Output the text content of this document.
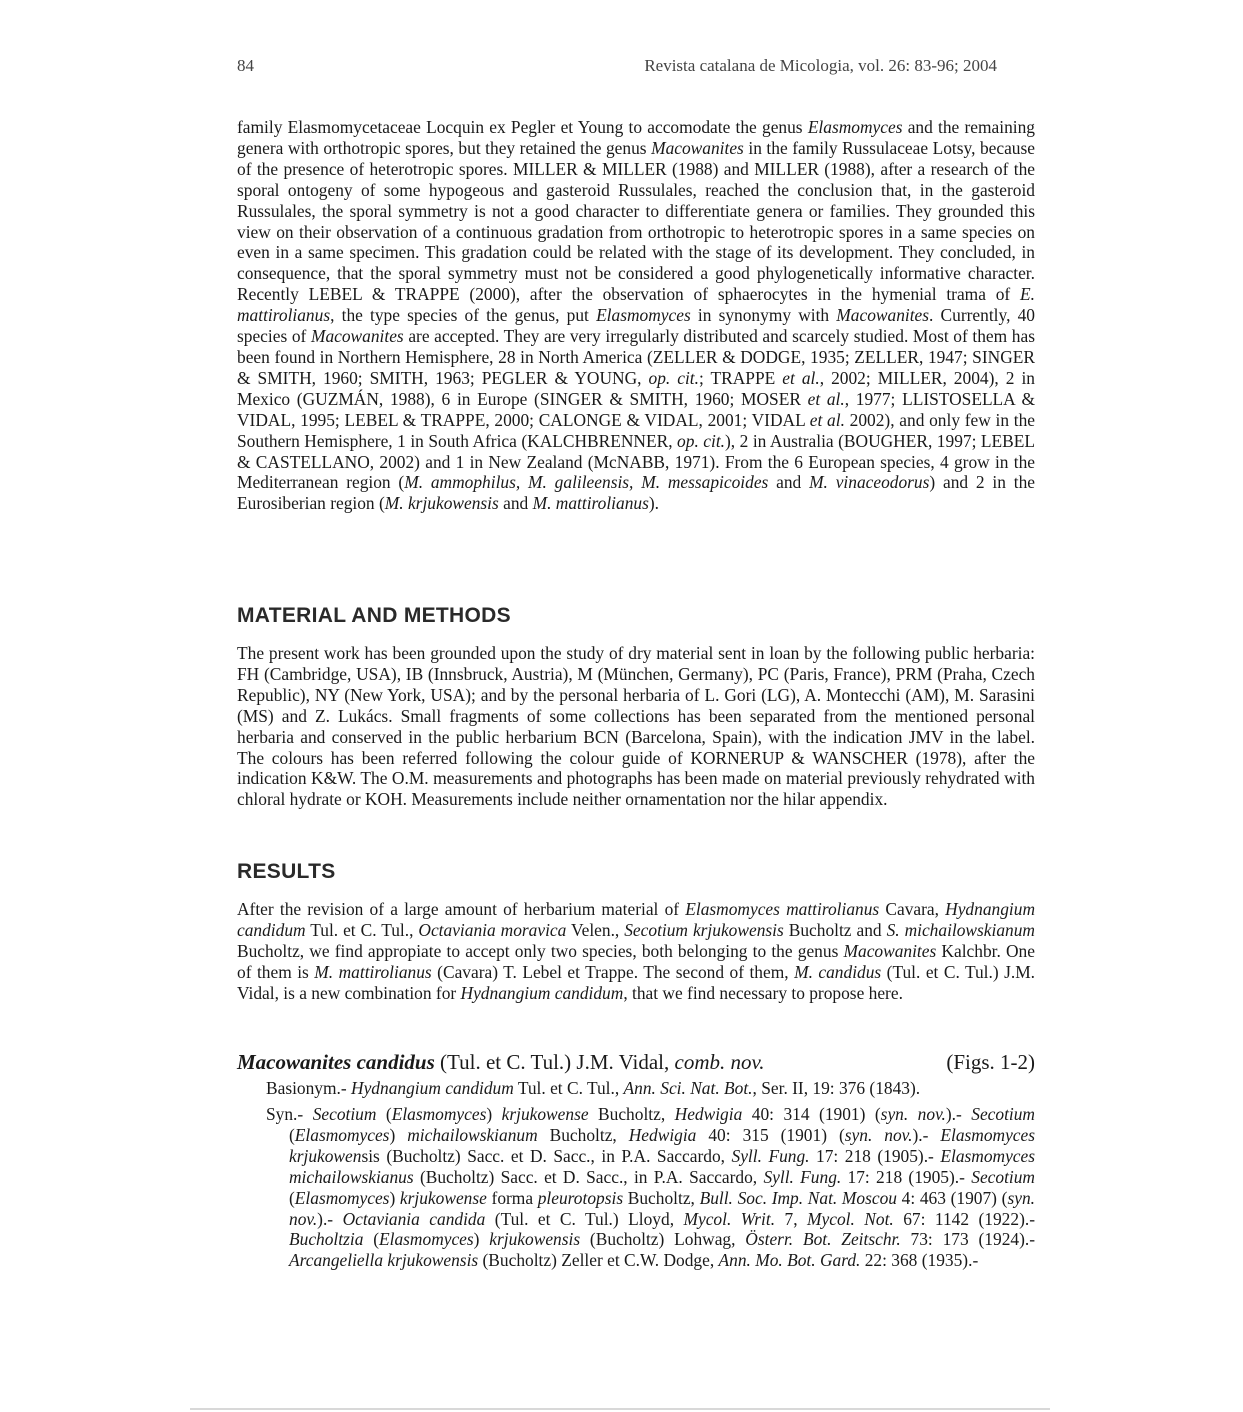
84	Revista catalana de Micologia, vol. 26: 83-96; 2004

family Elasmomycetaceae Locquin ex Pegler et Young to accomodate the genus Elasmomyces and the remaining genera with orthotropic spores, but they retained the genus Macowanites in the family Russulaceae Lotsy, because of the presence of heterotropic spores. MILLER & MILLER (1988) and MILLER (1988), after a research of the sporal ontogeny of some hypogeous and gasteroid Russulales, reached the conclusion that, in the gasteroid Russulales, the sporal symmetry is not a good character to differentiate genera or families. They grounded this view on their observation of a continuous gradation from orthotropic to heterotropic spores in a same species on even in a same specimen. This gradation could be related with the stage of its development. They concluded, in consequence, that the sporal symmetry must not be considered a good phylogenetically informative character. Recently LEBEL & TRAPPE (2000), after the observation of sphaerocytes in the hymenial trama of E. mattirolianus, the type species of the genus, put Elasmomyces in synonymy with Macowanites. Currently, 40 species of Macowanites are accepted. They are very irregularly distributed and scarcely studied. Most of them has been found in Northern Hemisphere, 28 in North America (ZELLER & DODGE, 1935; ZELLER, 1947; SINGER & SMITH, 1960; SMITH, 1963; PEGLER & YOUNG, op. cit.; TRAPPE et al., 2002; MILLER, 2004), 2 in Mexico (GUZMÁN, 1988), 6 in Europe (SINGER & SMITH, 1960; MOSER et al., 1977; LLISTOSELLA & VIDAL, 1995; LEBEL & TRAPPE, 2000; CALONGE & VIDAL, 2001; VIDAL et al. 2002), and only few in the Southern Hemisphere, 1 in South Africa (KALCHBRENNER, op. cit.), 2 in Australia (BOUGHER, 1997; LEBEL & CASTELLANO, 2002) and 1 in New Zealand (McNABB, 1971). From the 6 European species, 4 grow in the Mediterranean region (M. ammophilus, M. galileensis, M. messapicoides and M. vinaceodorus) and 2 in the Eurosiberian region (M. krjukowensis and M. mattirolianus).

MATERIAL AND METHODS

The present work has been grounded upon the study of dry material sent in loan by the following public herbaria: FH (Cambridge, USA), IB (Innsbruck, Austria), M (München, Germany), PC (Paris, France), PRM (Praha, Czech Republic), NY (New York, USA); and by the personal herbaria of L. Gori (LG), A. Montecchi (AM), M. Sarasini (MS) and Z. Lukács. Small fragments of some collections has been separated from the mentioned personal herbaria and conserved in the public herbarium BCN (Barcelona, Spain), with the indication JMV in the label. The colours has been referred following the colour guide of KORNERUP & WANSCHER (1978), after the indication K&W. The O.M. measurements and photographs has been made on material previously rehydrated with chloral hydrate or KOH. Measurements include neither ornamentation nor the hilar appendix.

RESULTS

After the revision of a large amount of herbarium material of Elasmomyces mattirolianus Cavara, Hydnangium candidum Tul. et C. Tul., Octaviania moravica Velen., Secotium krjukowensis Bucholtz and S. michailowskianum Bucholtz, we find appropiate to accept only two species, both belonging to the genus Macowanites Kalchbr. One of them is M. mattirolianus (Cavara) T. Lebel et Trappe. The second of them, M. candidus (Tul. et C. Tul.) J.M. Vidal, is a new combination for Hydnangium candidum, that we find necessary to propose here.

Macowanites candidus (Tul. et C. Tul.) J.M. Vidal, comb. nov.	(Figs. 1-2)

Basionym.- Hydnangium candidum Tul. et C. Tul., Ann. Sci. Nat. Bot., Ser. II, 19: 376 (1843).

Syn.- Secotium (Elasmomyces) krjukowense Bucholtz, Hedwigia 40: 314 (1901) (syn. nov.).- Secotium (Elasmomyces) michailowskianum Bucholtz, Hedwigia 40: 315 (1901) (syn. nov.).- Elasmomyces krjukowensis (Bucholtz) Sacc. et D. Sacc., in P.A. Saccardo, Syll. Fung. 17: 218 (1905).- Elasmomyces michailowskianus (Bucholtz) Sacc. et D. Sacc., in P.A. Saccardo, Syll. Fung. 17: 218 (1905).- Secotium (Elasmomyces) krjukowense forma pleurotopsis Bucholtz, Bull. Soc. Imp. Nat. Moscou 4: 463 (1907) (syn. nov.).- Octaviania candida (Tul. et C. Tul.) Lloyd, Mycol. Writ. 7, Mycol. Not. 67: 1142 (1922).- Bucholtzia (Elasmomyces) krjukowensis (Bucholtz) Lohwag, Österr. Bot. Zeitschr. 73: 173 (1924).- Arcangeliella krjukowensis (Bucholtz) Zeller et C.W. Dodge, Ann. Mo. Bot. Gard. 22: 368 (1935).-
